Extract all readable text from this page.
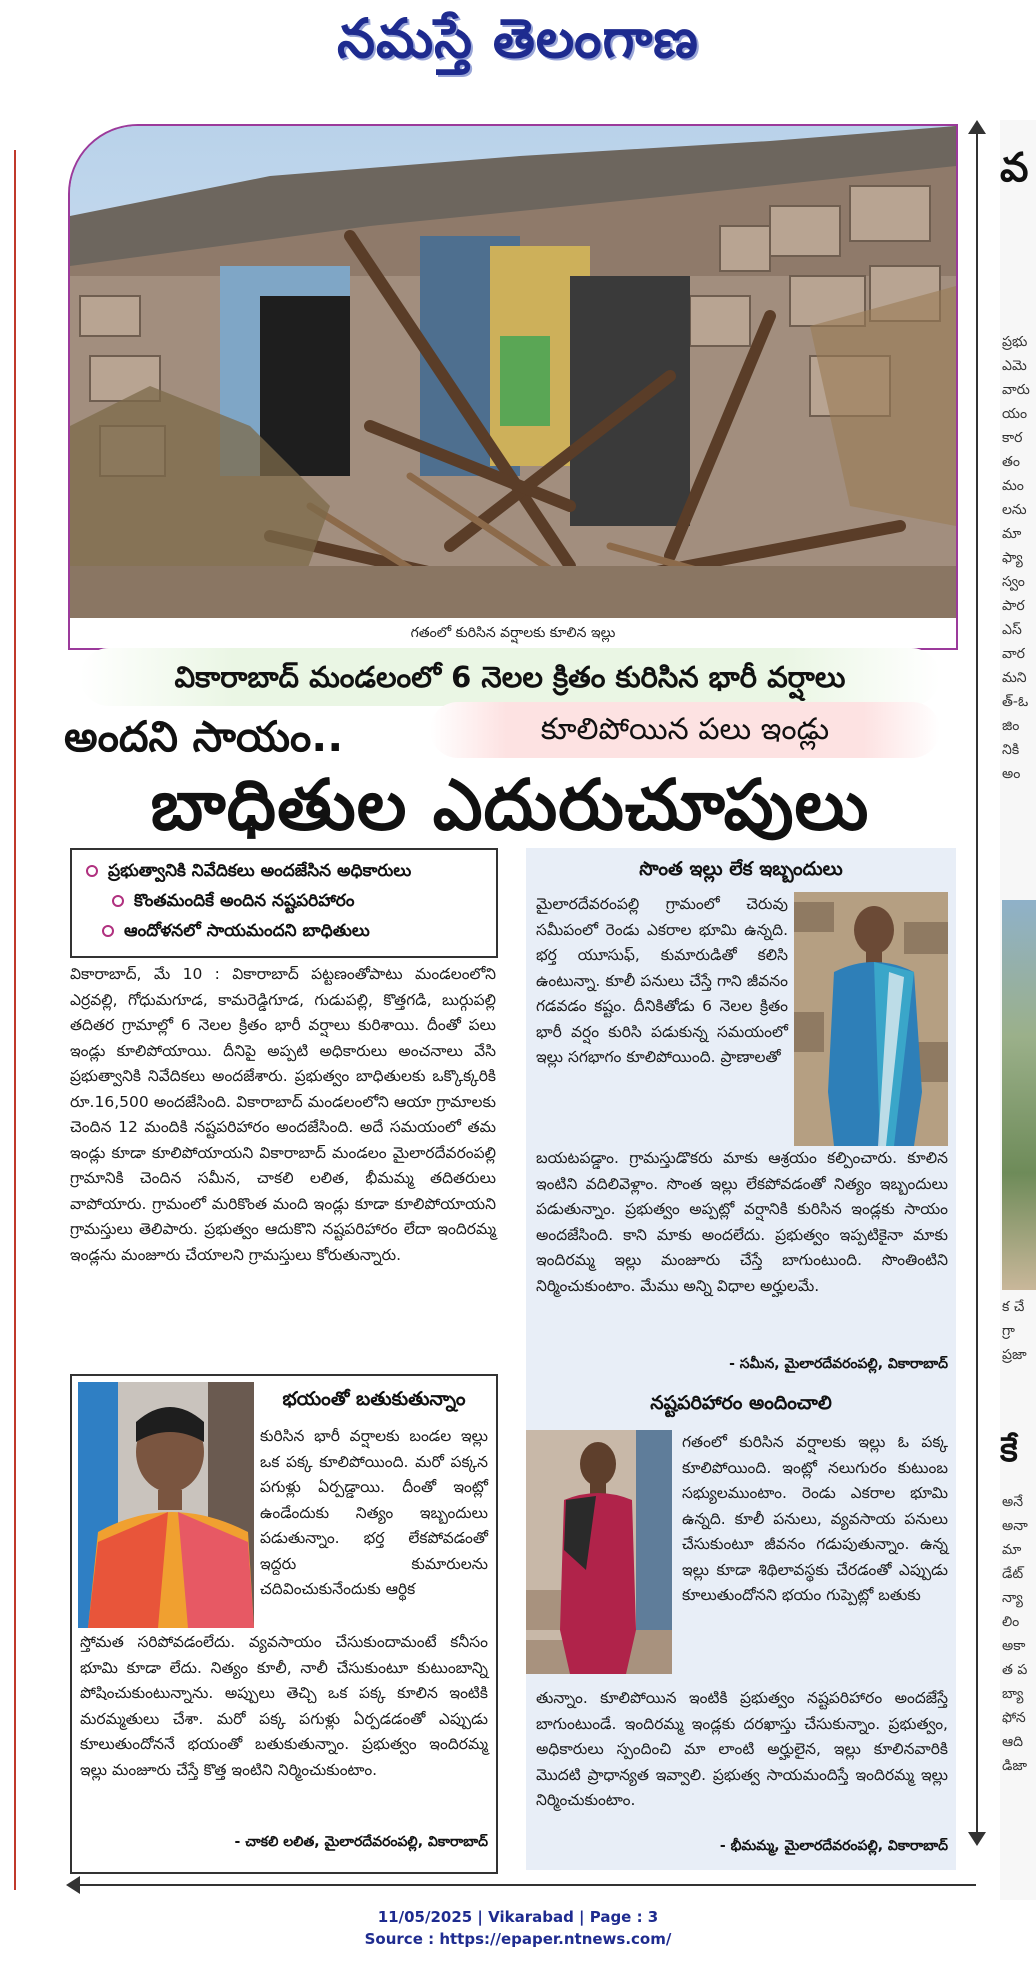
నమస్తే తెలంగాణ
వ
ప్రభు ఎమె వారు యం కార తం మం లను మా ఫ్యా స్వం పార ఎస్ వార మని త్-ఓ జిం నికి అం
క చే గ్రా ప్రజా
కే
అనే అనా మా డేట్ న్యా లిం అకా త ప బ్యా ఫోన ఆది డిజా
గతంలో కురిసిన వర్షాలకు కూలిన ఇల్లు
వికారాబాద్ మండలంలో 6 నెలల క్రితం కురిసిన భారీ వర్షాలు
కూలిపోయిన పలు ఇండ్లు
అందని సాయం..
బాధితుల ఎదురుచూపులు
ప్రభుత్వానికి నివేదికలు అందజేసిన అధికారులు
కొంతమందికే అందిన నష్టపరిహారం
ఆందోళనలో సాయమందని బాధితులు
వికారాబాద్, మే 10 : వికారాబాద్ పట్టణంతోపాటు మండలంలోని ఎర్రవల్లి, గోధుమగూడ, కామరెడ్డిగూడ, గుడుపల్లి, కొత్తగడి, బుర్గుపల్లి తదితర గ్రామాల్లో 6 నెలల క్రితం భారీ వర్షాలు కురిశాయి. దీంతో పలు ఇండ్లు కూలిపోయాయి. దీనిపై అప్పటి అధికారులు అంచనాలు వేసి ప్రభుత్వానికి నివేదికలు అందజేశారు. ప్రభుత్వం బాధితులకు ఒక్కొక్కరికి రూ.16,500 అందజేసింది. వికారాబాద్ మండలంలోని ఆయా గ్రామాలకు చెందిన 12 మందికి నష్టపరిహారం అందజేసింది. అదే సమయంలో తమ ఇండ్లు కూడా కూలిపోయాయని వికారాబాద్ మండలం మైలారదేవరంపల్లి గ్రామానికి చెందిన సమీన, చాకలి లలిత, భీమమ్మ తదితరులు వాపోయారు. గ్రామంలో మరికొంత మంది ఇండ్లు కూడా కూలిపోయాయని గ్రామస్తులు తెలిపారు. ప్రభుత్వం ఆదుకొని నష్టపరిహారం లేదా ఇందిరమ్మ ఇండ్లను మంజూరు చేయాలని గ్రామస్తులు కోరుతున్నారు.
సొంత ఇల్లు లేక ఇబ్బందులు
మైలారదేవరంపల్లి గ్రామంలో చెరువు సమీపంలో రెండు ఎకరాల భూమి ఉన్నది. భర్త యూసుఫ్, కుమారుడితో కలిసి ఉంటున్నా. కూలీ పనులు చేస్తే గాని జీవనం గడవడం కష్టం. దీనికితోడు 6 నెలల క్రితం భారీ వర్షం కురిసి పడుకున్న సమయంలో ఇల్లు సగభాగం కూలిపోయింది. ప్రాణాలతో
బయటపడ్డాం. గ్రామస్తుడొకరు మాకు ఆశ్రయం కల్పించారు. కూలిన ఇంటిని వదిలివెళ్లాం. సొంత ఇల్లు లేకపోవడంతో నిత్యం ఇబ్బందులు పడుతున్నాం. ప్రభుత్వం అప్పట్లో వర్షానికి కురిసిన ఇండ్లకు సాయం అందజేసింది. కాని మాకు అందలేదు. ప్రభుత్వం ఇప్పటికైనా మాకు ఇందిరమ్మ ఇల్లు మంజూరు చేస్తే బాగుంటుంది. సొంతింటిని నిర్మించుకుంటాం. మేము అన్ని విధాల అర్హులమే.
- సమీన, మైలారదేవరంపల్లి, వికారాబాద్
నష్టపరిహారం అందించాలి
గతంలో కురిసిన వర్షాలకు ఇల్లు ఓ పక్క కూలిపోయింది. ఇంట్లో నలుగురం కుటుంబ సభ్యులముంటాం. రెండు ఎకరాల భూమి ఉన్నది. కూలీ పనులు, వ్యవసాయ పనులు చేసుకుంటూ జీవనం గడుపుతున్నాం. ఉన్న ఇల్లు కూడా శిథిలావస్థకు చేరడంతో ఎప్పుడు కూలుతుందోనని భయం గుప్పెట్లో బతుకు
తున్నాం. కూలిపోయిన ఇంటికి ప్రభుత్వం నష్టపరిహారం అందజేస్తే బాగుంటుండే. ఇందిరమ్మ ఇండ్లకు దరఖాస్తు చేసుకున్నాం. ప్రభుత్వం, అధికారులు స్పందించి మా లాంటి అర్హులైన, ఇల్లు కూలినవారికి మొదటి ప్రాధాన్యత ఇవ్వాలి. ప్రభుత్వ సాయమందిస్తే ఇందిరమ్మ ఇల్లు నిర్మించుకుంటాం.
- భీమమ్మ, మైలారదేవరంపల్లి, వికారాబాద్
భయంతో బతుకుతున్నాం
కురిసిన భారీ వర్షాలకు బండల ఇల్లు ఒక పక్క కూలిపోయింది. మరో పక్కన పగుళ్లు ఏర్పడ్డాయి. దీంతో ఇంట్లో ఉండేందుకు నిత్యం ఇబ్బందులు పడుతున్నాం. భర్త లేకపోవడంతో ఇద్దరు కుమారులను చదివించుకునేందుకు ఆర్థిక
స్తోమత సరిపోవడంలేదు. వ్యవసాయం చేసుకుందామంటే కనీసం భూమి కూడా లేదు. నిత్యం కూలీ, నాలీ చేసుకుంటూ కుటుంబాన్ని పోషించుకుంటున్నాను. అప్పులు తెచ్చి ఒక పక్క కూలిన ఇంటికి మరమ్మతులు చేశా. మరో పక్క పగుళ్లు ఏర్పడడంతో ఎప్పుడు కూలుతుందోననే భయంతో బతుకుతున్నాం. ప్రభుత్వం ఇందిరమ్మ ఇల్లు మంజూరు చేస్తే కొత్త ఇంటిని నిర్మించుకుంటాం.
- చాకలి లలిత, మైలారదేవరంపల్లి, వికారాబాద్
11/05/2025 | Vikarabad | Page : 3
Source : https://epaper.ntnews.com/
